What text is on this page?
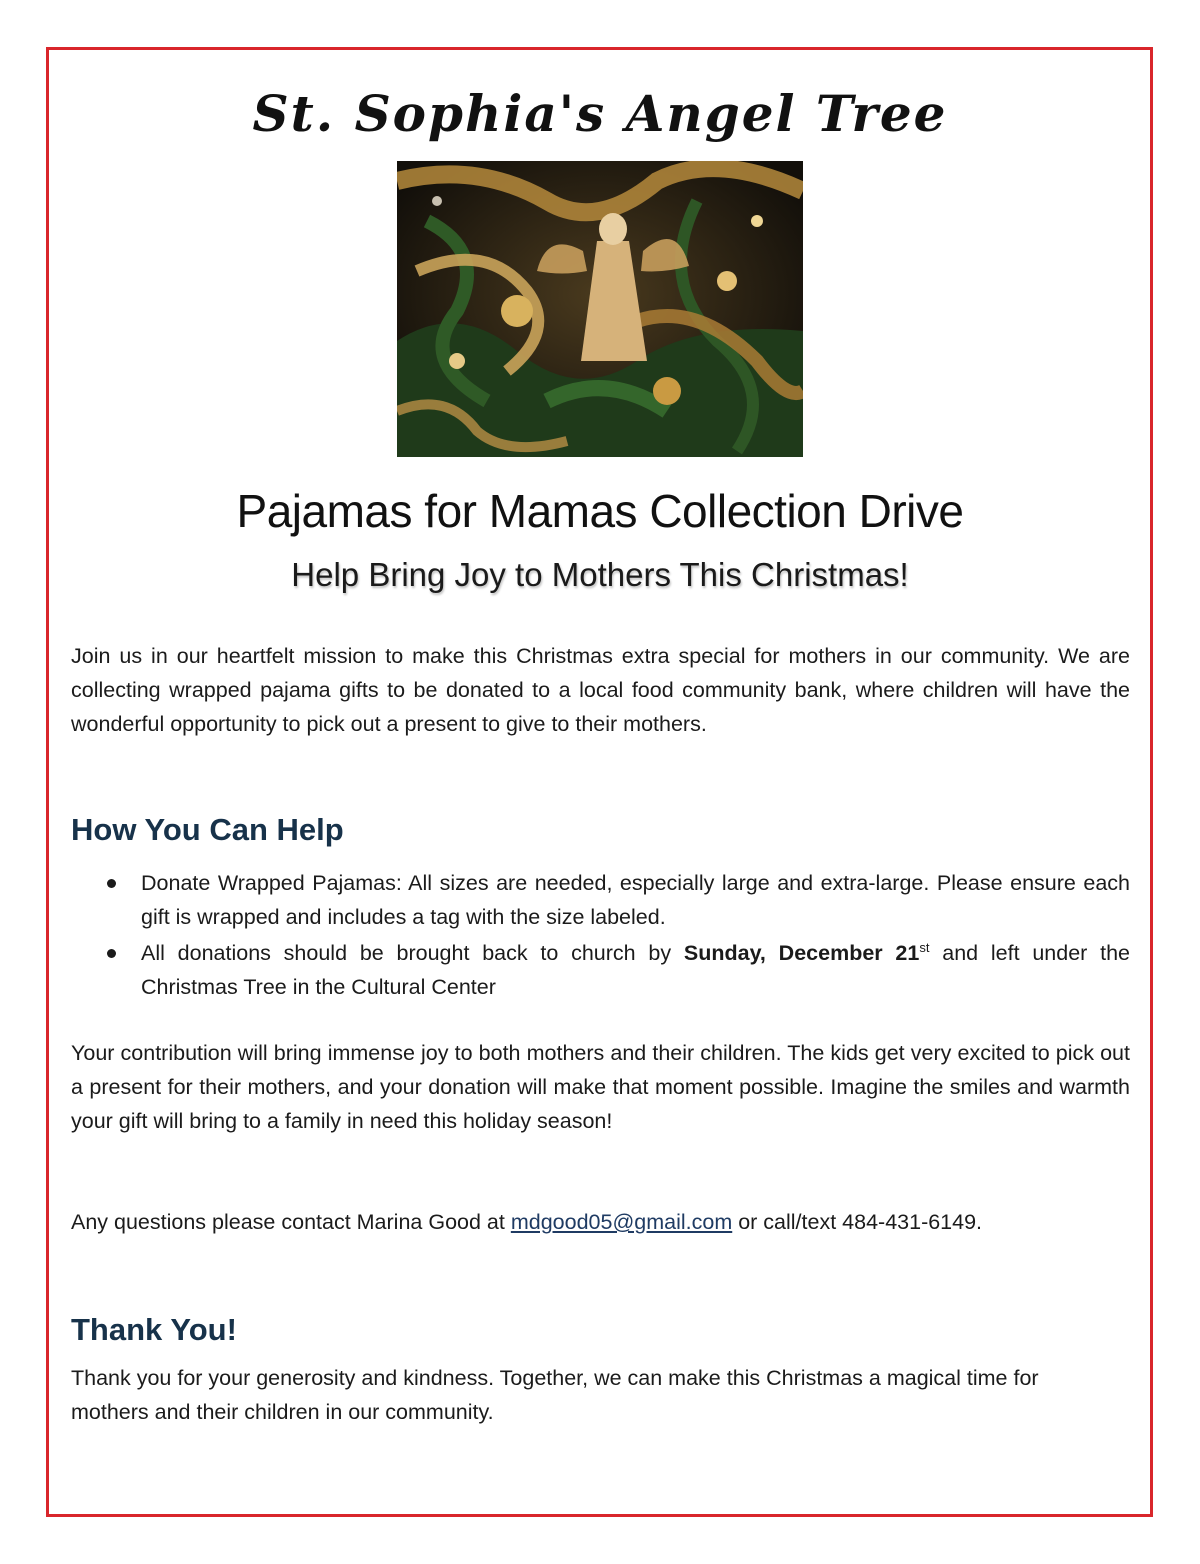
St. Sophia's Angel Tree
Pajamas for Mamas Collection Drive
Help Bring Joy to Mothers This Christmas!

Join us in our heartfelt mission to make this Christmas extra special for mothers in our community. We are collecting wrapped pajama gifts to be donated to a local food community bank, where children will have the wonderful opportunity to pick out a present to give to their mothers.

How You Can Help
Donate Wrapped Pajamas: All sizes are needed, especially large and extra-large. Please ensure each gift is wrapped and includes a tag with the size labeled.
All donations should be brought back to church by Sunday, December 21st and left under the Christmas Tree in the Cultural Center

Your contribution will bring immense joy to both mothers and their children. The kids get very excited to pick out a present for their mothers, and your donation will make that moment possible. Imagine the smiles and warmth your gift will bring to a family in need this holiday season!

Any questions please contact Marina Good at mdgood05@gmail.com or call/text 484-431-6149.

Thank You!

Thank you for your generosity and kindness. Together, we can make this Christmas a magical time for mothers and their children in our community.
